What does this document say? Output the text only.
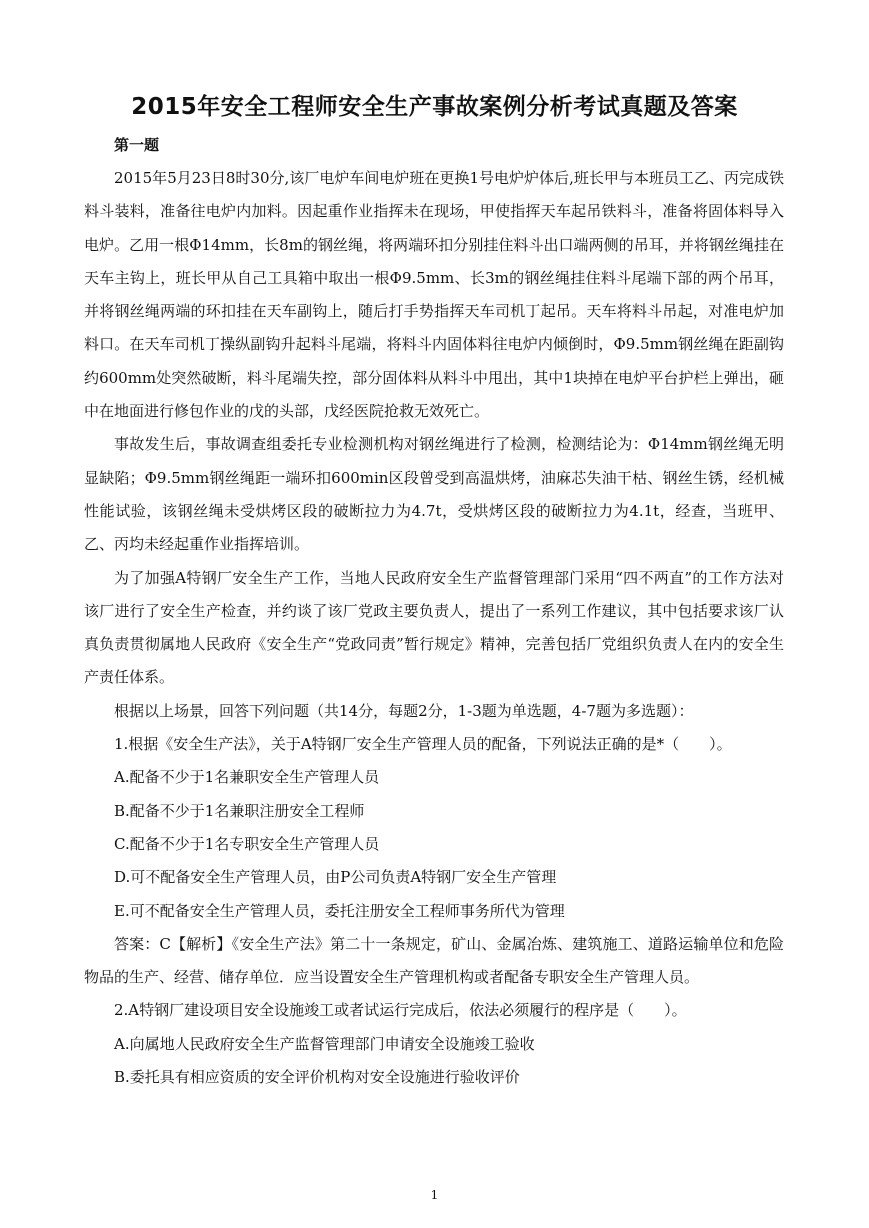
2015年安全工程师安全生产事故案例分析考试真题及答案
第一题

2015年5月23日8时30分,该厂电炉车间电炉班在更换1号电炉炉体后,班长甲与本班员工乙、丙完成铁料斗装料，准备往电炉内加料。因起重作业指挥未在现场，甲使指挥天车起吊铁料斗，准备将固体料导入电炉。乙用一根Φ14mm，长8m的钢丝绳，将两端环扣分别挂住料斗出口端两侧的吊耳，并将钢丝绳挂在天车主钩上，班长甲从自己工具箱中取出一根Φ9.5mm、长3m的钢丝绳挂住料斗尾端下部的两个吊耳，并将钢丝绳两端的环扣挂在天车副钩上，随后打手势指挥天车司机丁起吊。天车将料斗吊起，对准电炉加料口。在天车司机丁操纵副钩升起料斗尾端，将料斗内固体料往电炉内倾倒时，Φ9.5mm钢丝绳在距副钩约600mm处突然破断，料斗尾端失控，部分固体料从料斗中甩出，其中1块掉在电炉平台护栏上弹出，砸中在地面进行修包作业的戊的头部，戊经医院抢救无效死亡。

事故发生后，事故调查组委托专业检测机构对钢丝绳进行了检测，检测结论为：Φ14mm钢丝绳无明显缺陷；Φ9.5mm钢丝绳距一端环扣600min区段曾受到高温烘烤，油麻芯失油干枯、钢丝生锈，经机械性能试验，该钢丝绳未受烘烤区段的破断拉力为4.7t，受烘烤区段的破断拉力为4.1t，经查，当班甲、乙、丙均未经起重作业指挥培训。

为了加强A特钢厂安全生产工作，当地人民政府安全生产监督管理部门采用“四不两直”的工作方法对该厂进行了安全生产检查，并约谈了该厂党政主要负责人，提出了一系列工作建议，其中包括要求该厂认真负责贯彻属地人民政府《安全生产“党政同责”暂行规定》精神，完善包括厂党组织负责人在内的安全生产责任体系。

根据以上场景，回答下列问题（共14分，每题2分，1-3题为单选题，4-7题为多选题）：

1.根据《安全生产法》，关于A特钢厂安全生产管理人员的配备，下列说法正确的是*（　　）。

A.配备不少于1名兼职安全生产管理人员

B.配备不少于1名兼职注册安全工程师

C.配备不少于1名专职安全生产管理人员

D.可不配备安全生产管理人员，由P公司负责A特钢厂安全生产管理

E.可不配备安全生产管理人员，委托注册安全工程师事务所代为管理

答案：C【解析】《安全生产法》第二十一条规定，矿山、金属冶炼、建筑施工、道路运输单位和危险物品的生产、经营、储存单位．应当设置安全生产管理机构或者配备专职安全生产管理人员。

2.A特钢厂建设项目安全设施竣工或者试运行完成后，依法必须履行的程序是（　　）。

A.向属地人民政府安全生产监督管理部门申请安全设施竣工验收

B.委托具有相应资质的安全评价机构对安全设施进行验收评价

1
